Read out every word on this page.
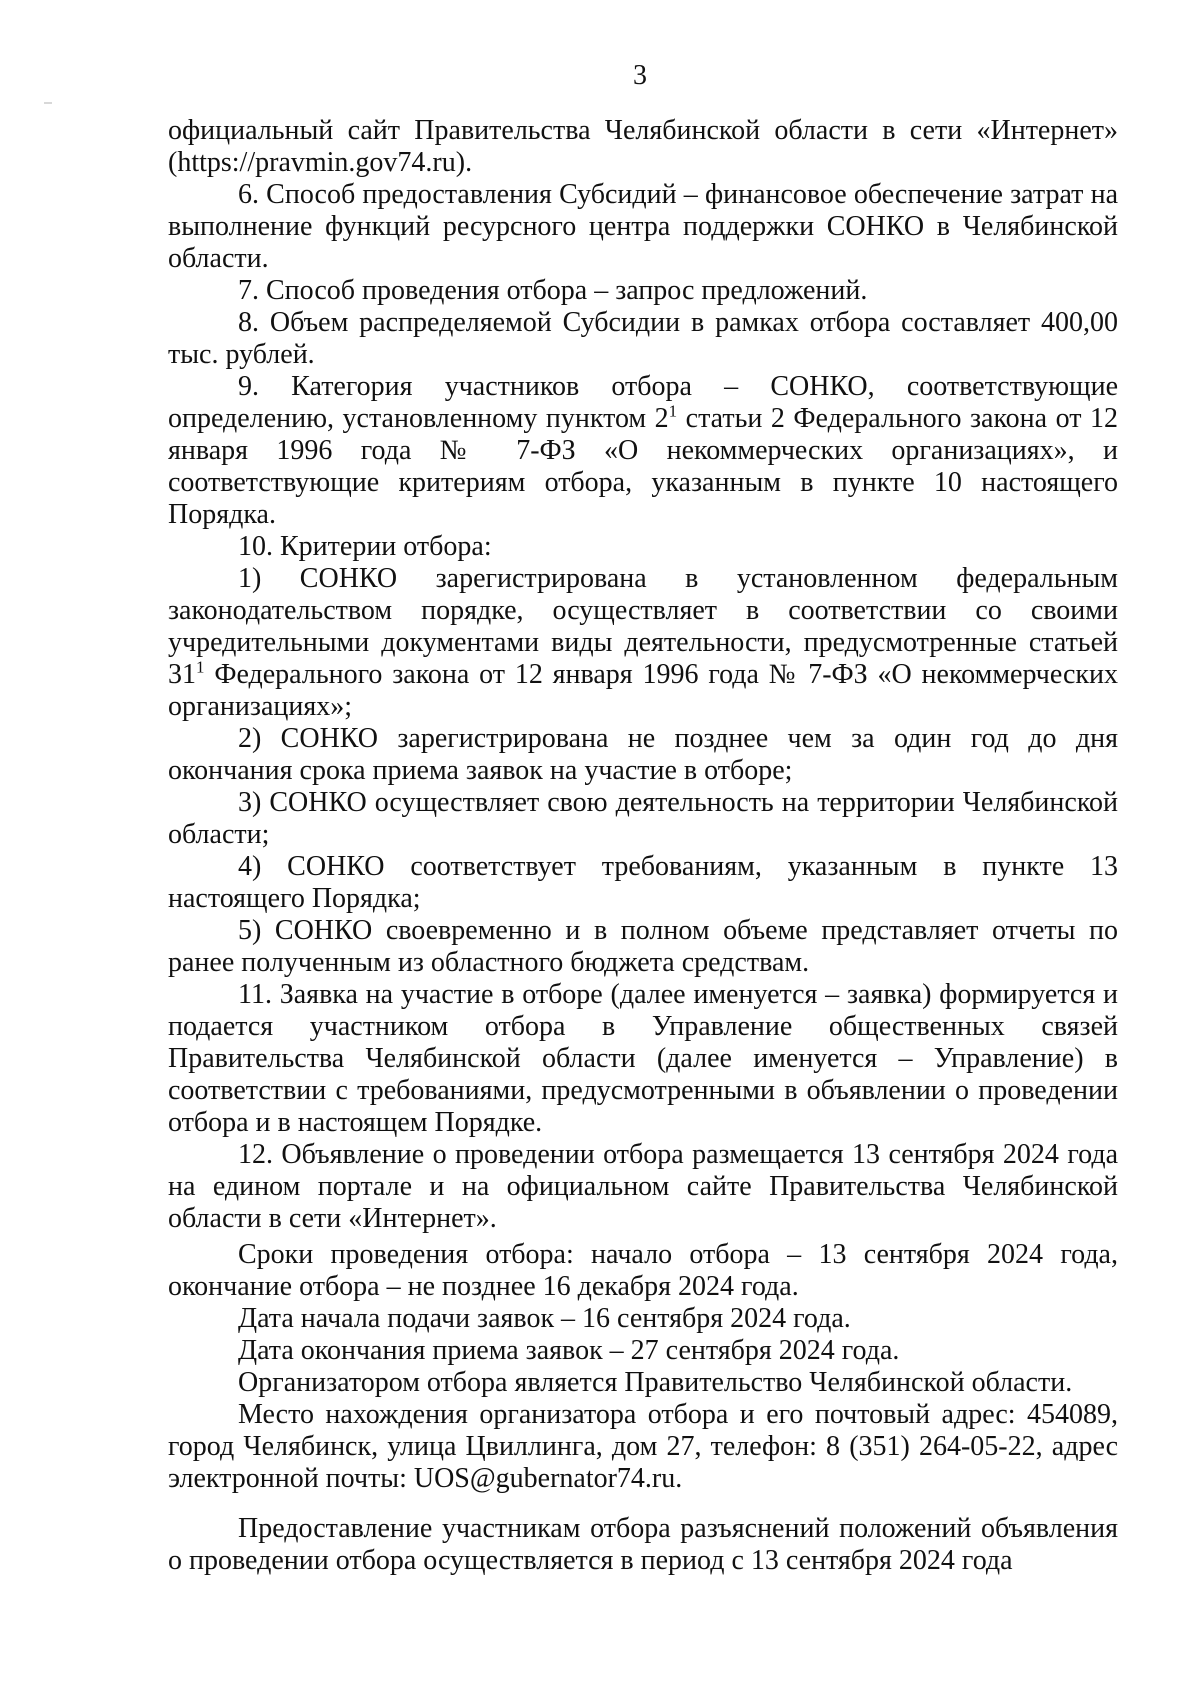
3

официальный сайт Правительства Челябинской области в сети «Интернет» (https://pravmin.gov74.ru).

6. Способ предоставления Субсидий – финансовое обеспечение затрат на выполнение функций ресурсного центра поддержки СОНКО в Челябинской области.

7. Способ проведения отбора – запрос предложений.

8. Объем распределяемой Субсидии в рамках отбора составляет 400,00 тыс. рублей.

9. Категория участников отбора – СОНКО, соответствующие определению, установленному пунктом $2^1$ статьи 2 Федерального закона от 12 января 1996 года № 7-ФЗ «О некоммерческих организациях», и соответствующие критериям отбора, указанным в пункте 10 настоящего Порядка.

10. Критерии отбора:

1) СОНКО зарегистрирована в установленном федеральным законодательством порядке, осуществляет в соответствии со своими учредительными документами виды деятельности, предусмотренные статьей $31^1$ Федерального закона от 12 января 1996 года № 7-ФЗ «О некоммерческих организациях»;

2) СОНКО зарегистрирована не позднее чем за один год до дня окончания срока приема заявок на участие в отборе;

3) СОНКО осуществляет свою деятельность на территории Челябинской области;

4) СОНКО соответствует требованиям, указанным в пункте 13 настоящего Порядка;

5) СОНКО своевременно и в полном объеме представляет отчеты по ранее полученным из областного бюджета средствам.

11. Заявка на участие в отборе (далее именуется – заявка) формируется и подается участником отбора в Управление общественных связей Правительства Челябинской области (далее именуется – Управление) в соответствии с требованиями, предусмотренными в объявлении о проведении отбора и в настоящем Порядке.

12. Объявление о проведении отбора размещается 13 сентября 2024 года на едином портале и на официальном сайте Правительства Челябинской области в сети «Интернет».

Сроки проведения отбора: начало отбора – 13 сентября 2024 года, окончание отбора – не позднее 16 декабря 2024 года.

Дата начала подачи заявок – 16 сентября 2024 года.

Дата окончания приема заявок – 27 сентября 2024 года.

Организатором отбора является Правительство Челябинской области.

Место нахождения организатора отбора и его почтовый адрес: 454089, город Челябинск, улица Цвиллинга, дом 27, телефон: 8 (351) 264-05-22, адрес электронной почты: UOS@gubernator74.ru.

Предоставление участникам отбора разъяснений положений объявления о проведении отбора осуществляется в период с 13 сентября 2024 года
